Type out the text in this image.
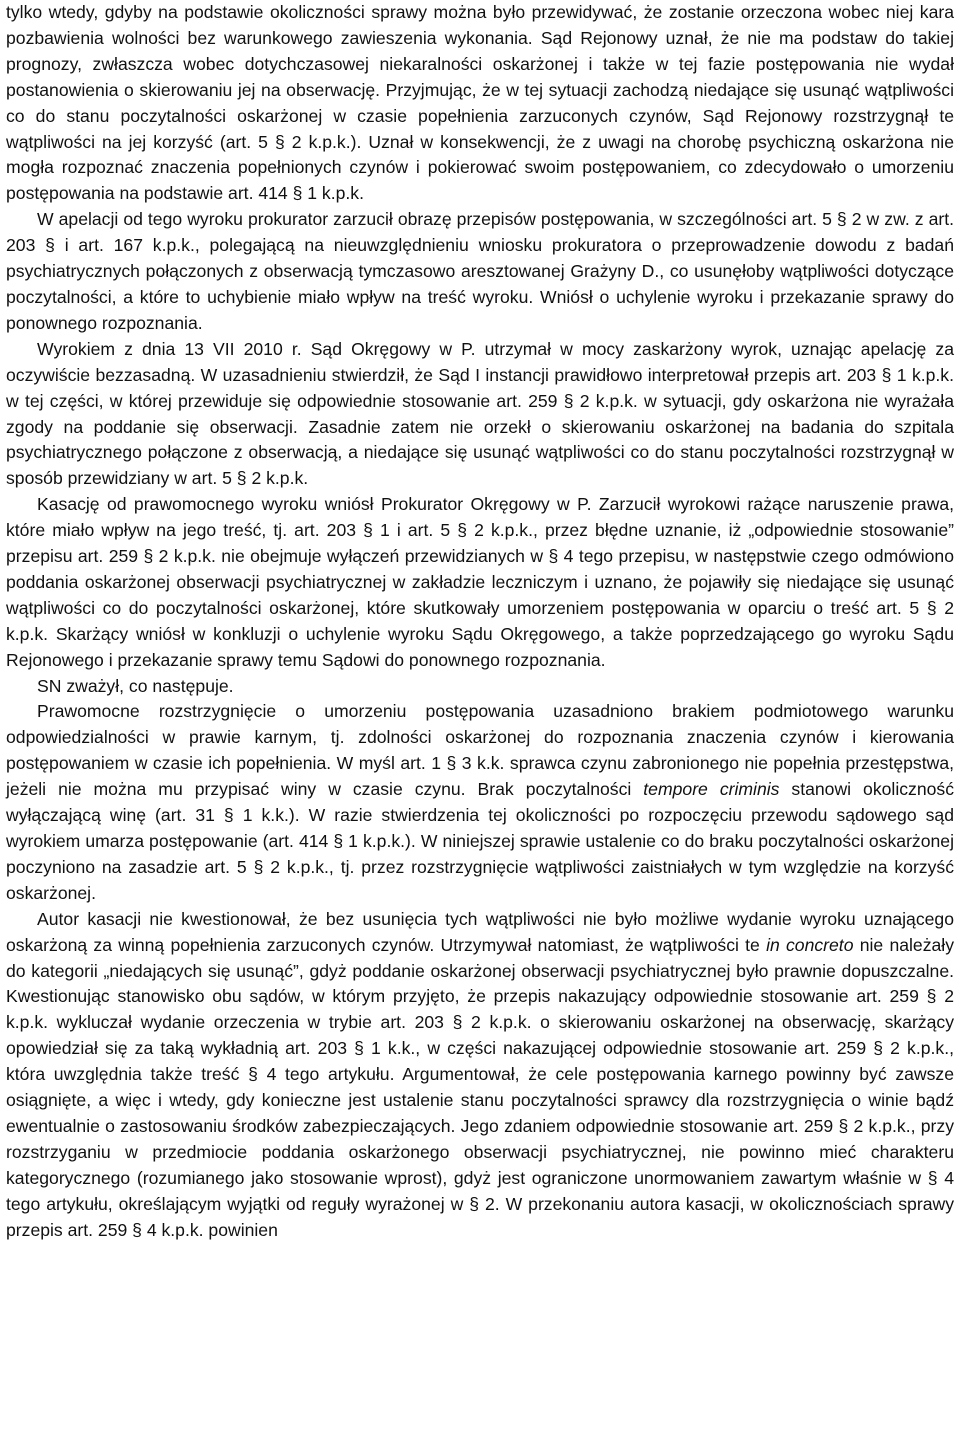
tylko wtedy, gdyby na podstawie okoliczności sprawy można było przewidywać, że zostanie orzeczona wobec niej kara pozbawienia wolności bez warunkowego zawieszenia wykonania. Sąd Rejonowy uznał, że nie ma podstaw do takiej prognozy, zwłaszcza wobec dotychczasowej niekaralności oskarżonej i także w tej fazie postępowania nie wydał postanowienia o skierowaniu jej na obserwację. Przyjmując, że w tej sytuacji zachodzą niedające się usunąć wątpliwości co do stanu poczytalności oskarżonej w czasie popełnienia zarzuconych czynów, Sąd Rejonowy rozstrzygnął te wątpliwości na jej korzyść (art. 5 § 2 k.p.k.). Uznał w konsekwencji, że z uwagi na chorobę psychiczną oskarżona nie mogła rozpoznać znaczenia popełnionych czynów i pokierować swoim postępowaniem, co zdecydowało o umorzeniu postępowania na podstawie art. 414 § 1 k.p.k.

W apelacji od tego wyroku prokurator zarzucił obrazę przepisów postępowania, w szczególności art. 5 § 2 w zw. z art. 203 § i art. 167 k.p.k., polegającą na nieuwzględnieniu wniosku prokuratora o przeprowadzenie dowodu z badań psychiatrycznych połączonych z obserwacją tymczasowo aresztowanej Grażyny D., co usunęłoby wątpliwości dotyczące poczytalności, a które to uchybienie miało wpływ na treść wyroku. Wniósł o uchylenie wyroku i przekazanie sprawy do ponownego rozpoznania.

Wyrokiem z dnia 13 VII 2010 r. Sąd Okręgowy w P. utrzymał w mocy zaskarżony wyrok, uznając apelację za oczywiście bezzasadną. W uzasadnieniu stwierdził, że Sąd I instancji prawidłowo interpretował przepis art. 203 § 1 k.p.k. w tej części, w której przewiduje się odpowiednie stosowanie art. 259 § 2 k.p.k. w sytuacji, gdy oskarżona nie wyrażała zgody na poddanie się obserwacji. Zasadnie zatem nie orzekł o skierowaniu oskarżonej na badania do szpitala psychiatrycznego połączone z obserwacją, a niedające się usunąć wątpliwości co do stanu poczytalności rozstrzygnął w sposób przewidziany w art. 5 § 2 k.p.k.

Kasację od prawomocnego wyroku wniósł Prokurator Okręgowy w P. Zarzucił wyrokowi rażące naruszenie prawa, które miało wpływ na jego treść, tj. art. 203 § 1 i art. 5 § 2 k.p.k., przez błędne uznanie, iż „odpowiednie stosowanie” przepisu art. 259 § 2 k.p.k. nie obejmuje wyłączeń przewidzianych w § 4 tego przepisu, w następstwie czego odmówiono poddania oskarżonej obserwacji psychiatrycznej w zakładzie leczniczym i uznano, że pojawiły się niedające się usunąć wątpliwości co do poczytalności oskarżonej, które skutkowały umorzeniem postępowania w oparciu o treść art. 5 § 2 k.p.k. Skarżący wniósł w konkluzji o uchylenie wyroku Sądu Okręgowego, a także poprzedzającego go wyroku Sądu Rejonowego i przekazanie sprawy temu Sądowi do ponownego rozpoznania.

SN zważył, co następuje.

Prawomocne rozstrzygnięcie o umorzeniu postępowania uzasadniono brakiem podmiotowego warunku odpowiedzialności w prawie karnym, tj. zdolności oskarżonej do rozpoznania znaczenia czynów i kierowania postępowaniem w czasie ich popełnienia. W myśl art. 1 § 3 k.k. sprawca czynu zabronionego nie popełnia przestępstwa, jeżeli nie można mu przypisać winy w czasie czynu. Brak poczytalności tempore criminis stanowi okoliczność wyłączającą winę (art. 31 § 1 k.k.). W razie stwierdzenia tej okoliczności po rozpoczęciu przewodu sądowego sąd wyrokiem umarza postępowanie (art. 414 § 1 k.p.k.). W niniejszej sprawie ustalenie co do braku poczytalności oskarżonej poczyniono na zasadzie art. 5 § 2 k.p.k., tj. przez rozstrzygnięcie wątpliwości zaistniałych w tym względzie na korzyść oskarżonej.

Autor kasacji nie kwestionował, że bez usunięcia tych wątpliwości nie było możliwe wydanie wyroku uznającego oskarżoną za winną popełnienia zarzuconych czynów. Utrzymywał natomiast, że wątpliwości te in concreto nie należały do kategorii „niedających się usunąć”, gdyż poddanie oskarżonej obserwacji psychiatrycznej było prawnie dopuszczalne. Kwestionując stanowisko obu sądów, w którym przyjęto, że przepis nakazujący odpowiednie stosowanie art. 259 § 2 k.p.k. wykluczał wydanie orzeczenia w trybie art. 203 § 2 k.p.k. o skierowaniu oskarżonej na obserwację, skarżący opowiedział się za taką wykładnią art. 203 § 1 k.k., w części nakazującej odpowiednie stosowanie art. 259 § 2 k.p.k., która uwzględnia także treść § 4 tego artykułu. Argumentował, że cele postępowania karnego powinny być zawsze osiągnięte, a więc i wtedy, gdy konieczne jest ustalenie stanu poczytalności sprawcy dla rozstrzygnięcia o winie bądź ewentualnie o zastosowaniu środków zabezpieczających. Jego zdaniem odpowiednie stosowanie art. 259 § 2 k.p.k., przy rozstrzyganiu w przedmiocie poddania oskarżonego obserwacji psychiatrycznej, nie powinno mieć charakteru kategorycznego (rozumianego jako stosowanie wprost), gdyż jest ograniczone unormowaniem zawartym właśnie w § 4 tego artykułu, określającym wyjątki od reguły wyrażonej w § 2. W przekonaniu autora kasacji, w okolicznościach sprawy przepis art. 259 § 4 k.p.k. powinien
